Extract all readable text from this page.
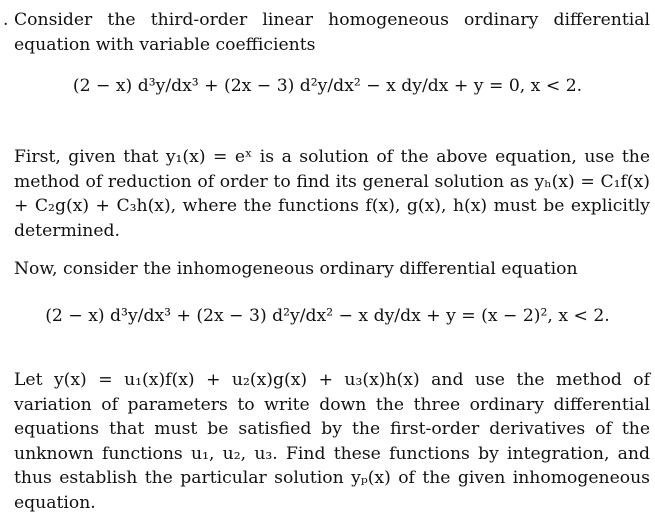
. Consider the third-order linear homogeneous ordinary differential equation with variable coefficients

(2 − x) d³y/dx³ + (2x − 3) d²y/dx² − x dy/dx + y = 0, x < 2.

First, given that y₁(x) = eˣ is a solution of the above equation, use the method of reduction of order to find its general solution as yₕ(x) = C₁f(x) + C₂g(x) + C₃h(x), where the functions f(x), g(x), h(x) must be explicitly determined.

Now, consider the inhomogeneous ordinary differential equation

(2 − x) d³y/dx³ + (2x − 3) d²y/dx² − x dy/dx + y = (x − 2)², x < 2.

Let y(x) = u₁(x)f(x) + u₂(x)g(x) + u₃(x)h(x) and use the method of variation of parameters to write down the three ordinary differential equations that must be satisfied by the first-order derivatives of the unknown functions u₁, u₂, u₃. Find these functions by integration, and thus establish the particular solution yₚ(x) of the given inhomogeneous equation.
